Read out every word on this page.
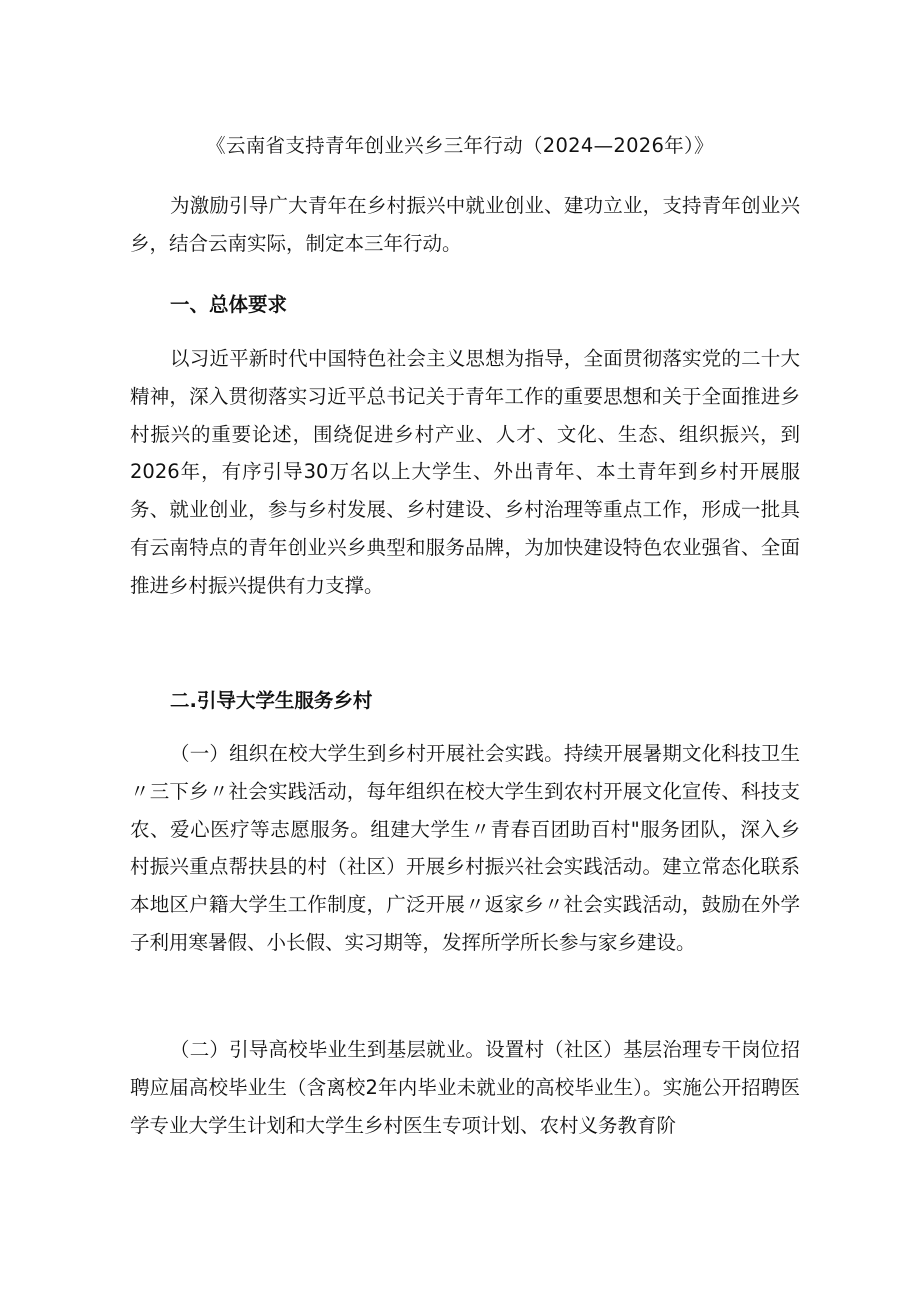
《云南省支持青年创业兴乡三年行动（2024—2026年）》

为激励引导广大青年在乡村振兴中就业创业、建功立业，支持青年创业兴乡，结合云南实际，制定本三年行动。

一、总体要求

以习近平新时代中国特色社会主义思想为指导，全面贯彻落实党的二十大精神，深入贯彻落实习近平总书记关于青年工作的重要思想和关于全面推进乡村振兴的重要论述，围绕促进乡村产业、人才、文化、生态、组织振兴，到2026年，有序引导30万名以上大学生、外出青年、本土青年到乡村开展服务、就业创业，参与乡村发展、乡村建设、乡村治理等重点工作，形成一批具有云南特点的青年创业兴乡典型和服务品牌，为加快建设特色农业强省、全面推进乡村振兴提供有力支撑。

二.引导大学生服务乡村

（一）组织在校大学生到乡村开展社会实践。持续开展暑期文化科技卫生〃三下乡〃社会实践活动，每年组织在校大学生到农村开展文化宣传、科技支农、爱心医疗等志愿服务。组建大学生〃青春百团助百村"服务团队，深入乡村振兴重点帮扶县的村（社区）开展乡村振兴社会实践活动。建立常态化联系本地区户籍大学生工作制度，广泛开展〃返家乡〃社会实践活动，鼓励在外学子利用寒暑假、小长假、实习期等，发挥所学所长参与家乡建设。

（二）引导高校毕业生到基层就业。设置村（社区）基层治理专干岗位招聘应届高校毕业生（含离校2年内毕业未就业的高校毕业生）。实施公开招聘医学专业大学生计划和大学生乡村医生专项计划、农村义务教育阶
